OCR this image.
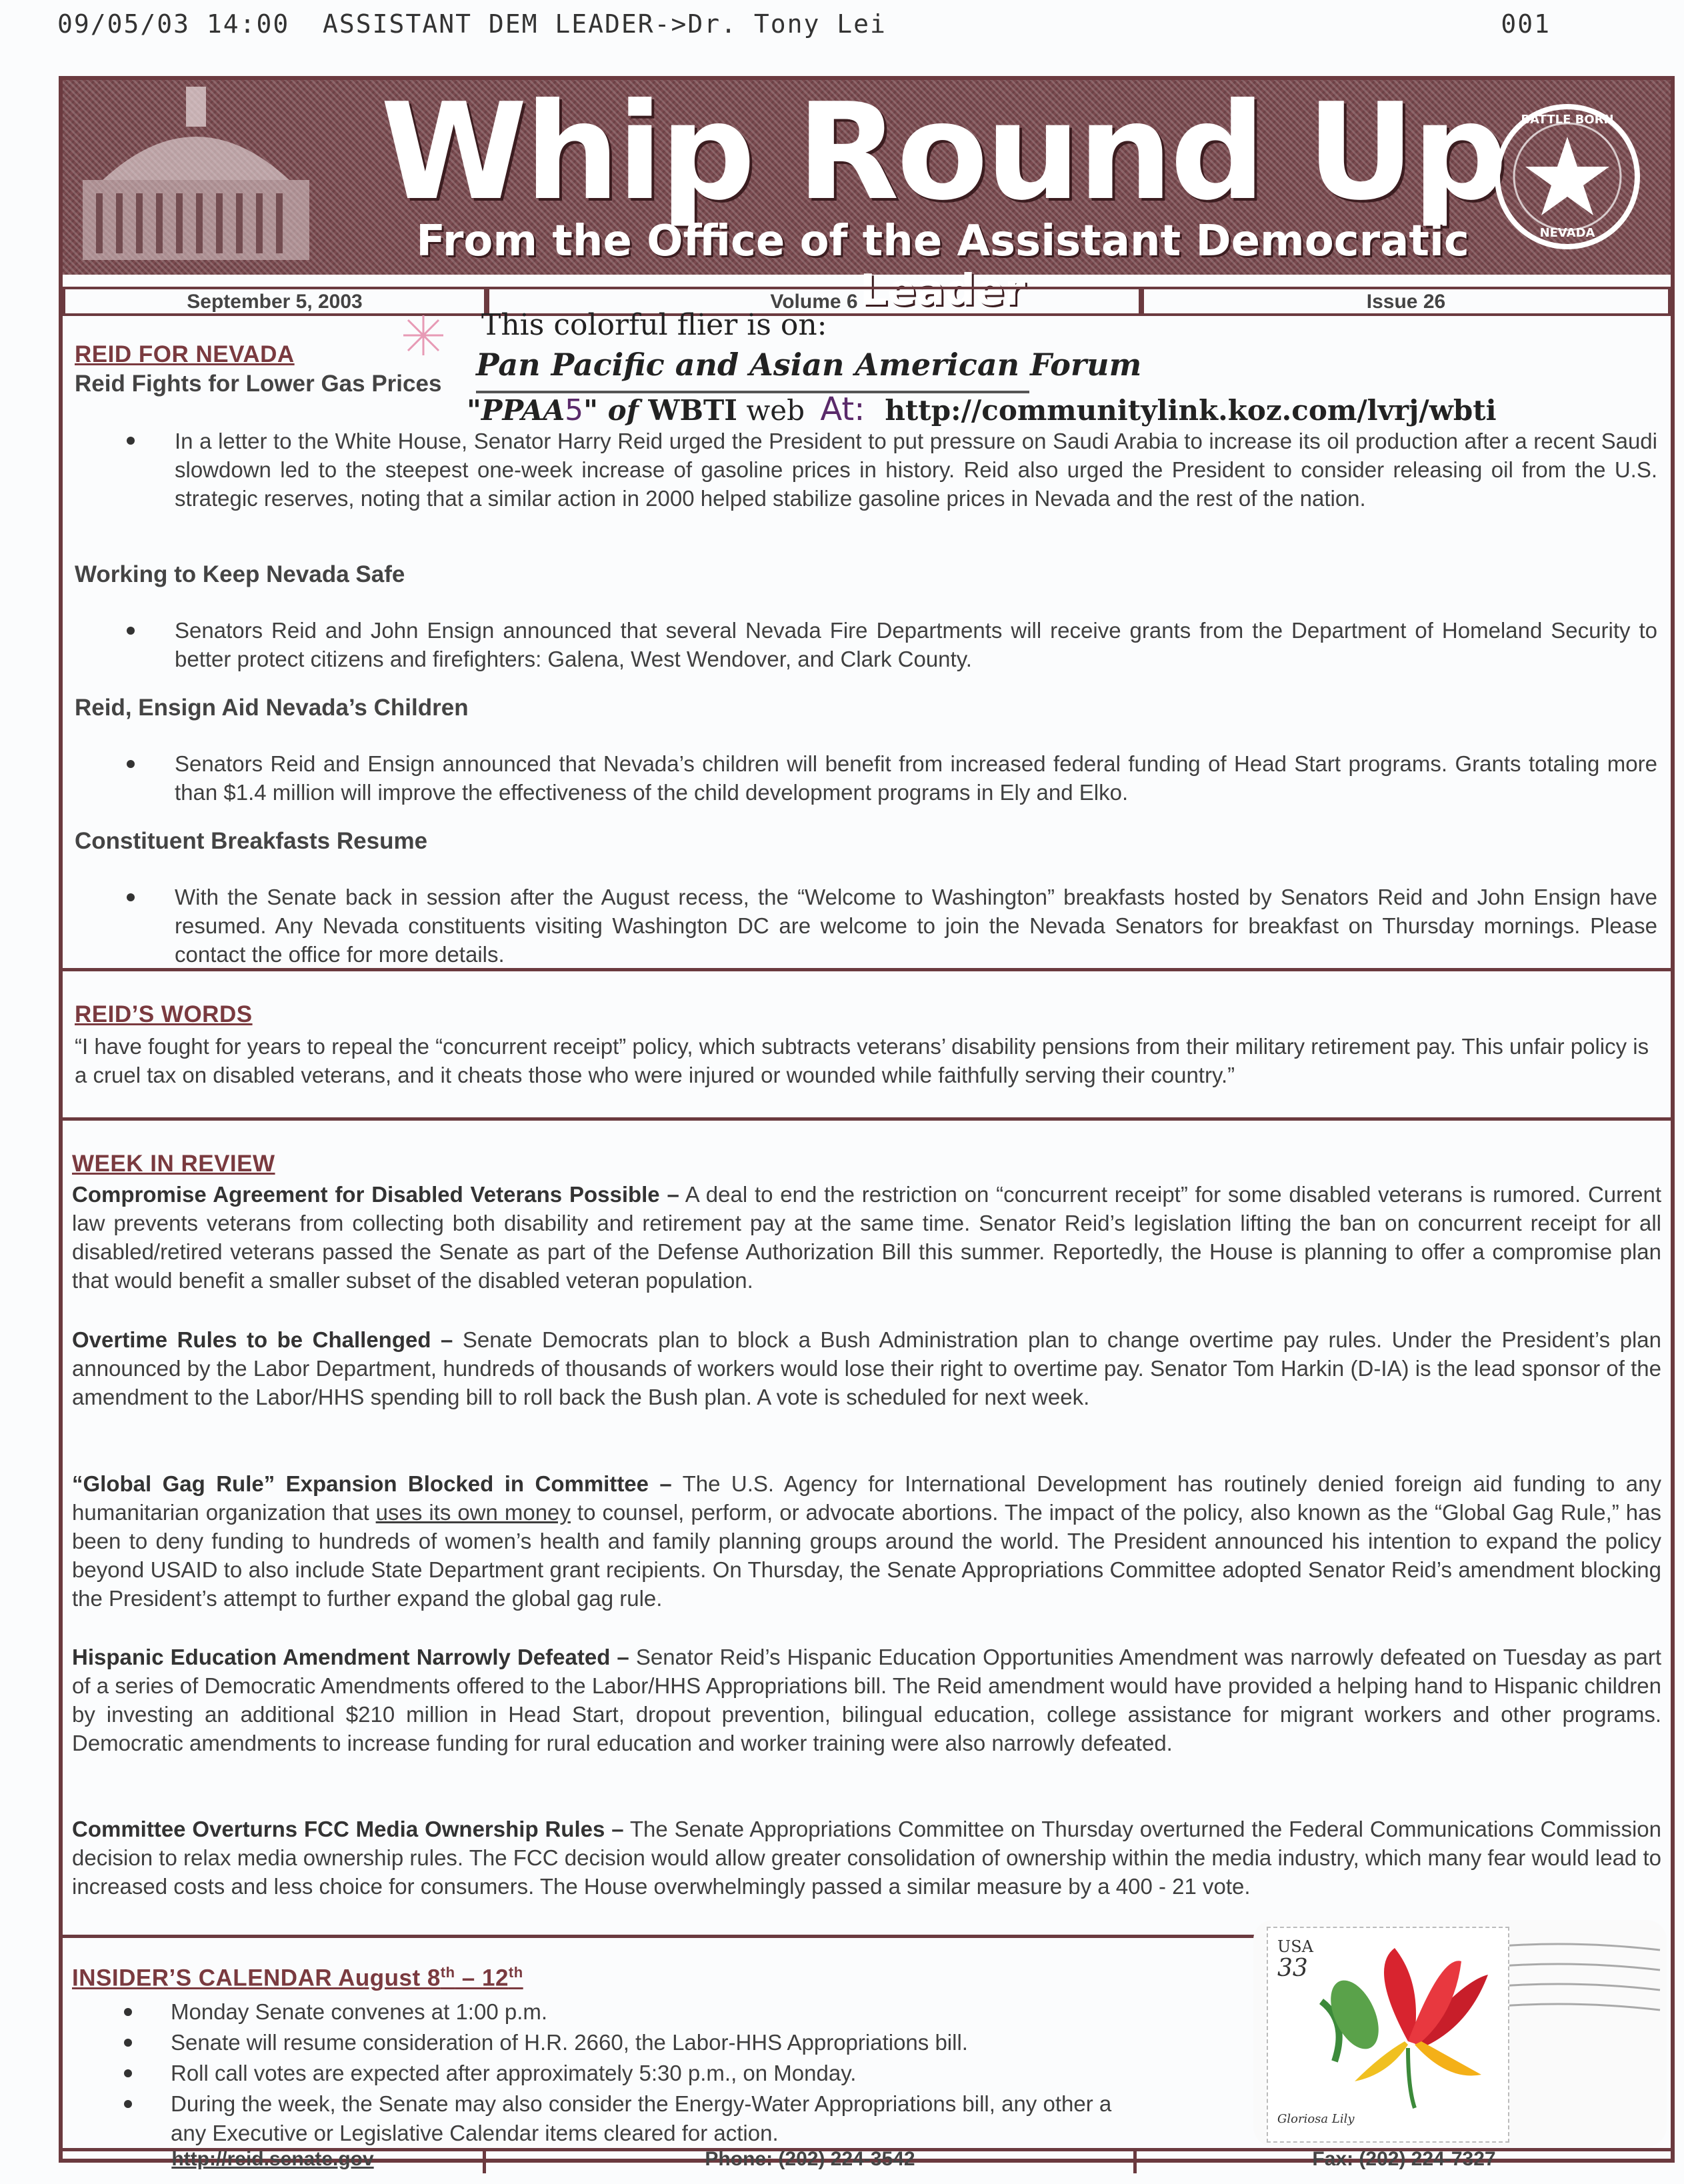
09/05/03 14:00  ASSISTANT DEM LEADER->Dr. Tony Lei	001
Whip Round Up
From the Office of the Assistant Democratic Leader
BATTLE BORN
NEVADA
September 5, 2003	Volume 6	Issue 26
This colorful flier is on:
Pan Pacific and Asian American Forum
"PPAA5" of WBTI web At: http://communitylink.koz.com/lvrj/wbti
REID FOR NEVADA
Reid Fights for Lower Gas Prices
In a letter to the White House, Senator Harry Reid urged the President to put pressure on Saudi Arabia to increase its oil production after a recent Saudi slowdown led to the steepest one-week increase of gasoline prices in history. Reid also urged the President to consider releasing oil from the U.S. strategic reserves, noting that a similar action in 2000 helped stabilize gasoline prices in Nevada and the rest of the nation.
Working to Keep Nevada Safe
Senators Reid and John Ensign announced that several Nevada Fire Departments will receive grants from the Department of Homeland Security to better protect citizens and firefighters: Galena, West Wendover, and Clark County.
Reid, Ensign Aid Nevada’s Children
Senators Reid and Ensign announced that Nevada’s children will benefit from increased federal funding of Head Start programs. Grants totaling more than $1.4 million will improve the effectiveness of the child development programs in Ely and Elko.
Constituent Breakfasts Resume
With the Senate back in session after the August recess, the “Welcome to Washington” breakfasts hosted by Senators Reid and John Ensign have resumed. Any Nevada constituents visiting Washington DC are welcome to join the Nevada Senators for breakfast on Thursday mornings. Please contact the office for more details.
REID’S WORDS
“I have fought for years to repeal the “concurrent receipt” policy, which subtracts veterans’ disability pensions from their military retirement pay. This unfair policy is a cruel tax on disabled veterans, and it cheats those who were injured or wounded while faithfully serving their country.”
WEEK IN REVIEW
Compromise Agreement for Disabled Veterans Possible – A deal to end the restriction on “concurrent receipt” for some disabled veterans is rumored. Current law prevents veterans from collecting both disability and retirement pay at the same time. Senator Reid’s legislation lifting the ban on concurrent receipt for all disabled/retired veterans passed the Senate as part of the Defense Authorization Bill this summer. Reportedly, the House is planning to offer a compromise plan that would benefit a smaller subset of the disabled veteran population.
Overtime Rules to be Challenged – Senate Democrats plan to block a Bush Administration plan to change overtime pay rules. Under the President’s plan announced by the Labor Department, hundreds of thousands of workers would lose their right to overtime pay. Senator Tom Harkin (D-IA) is the lead sponsor of the amendment to the Labor/HHS spending bill to roll back the Bush plan. A vote is scheduled for next week.
“Global Gag Rule” Expansion Blocked in Committee – The U.S. Agency for International Development has routinely denied foreign aid funding to any humanitarian organization that uses its own money to counsel, perform, or advocate abortions. The impact of the policy, also known as the “Global Gag Rule,” has been to deny funding to hundreds of women’s health and family planning groups around the world. The President announced his intention to expand the policy beyond USAID to also include State Department grant recipients. On Thursday, the Senate Appropriations Committee adopted Senator Reid’s amendment blocking the President’s attempt to further expand the global gag rule.
Hispanic Education Amendment Narrowly Defeated – Senator Reid’s Hispanic Education Opportunities Amendment was narrowly defeated on Tuesday as part of a series of Democratic Amendments offered to the Labor/HHS Appropriations bill. The Reid amendment would have provided a helping hand to Hispanic children by investing an additional $210 million in Head Start, dropout prevention, bilingual education, college assistance for migrant workers and other programs. Democratic amendments to increase funding for rural education and worker training were also narrowly defeated.
Committee Overturns FCC Media Ownership Rules – The Senate Appropriations Committee on Thursday overturned the Federal Communications Commission decision to relax media ownership rules. The FCC decision would allow greater consolidation of ownership within the media industry, which many fear would lead to increased costs and less choice for consumers. The House overwhelmingly passed a similar measure by a 400 - 21 vote.
INSIDER’S CALENDAR August 8th – 12th
Monday Senate convenes at 1:00 p.m.
Senate will resume consideration of H.R. 2660, the Labor-HHS Appropriations bill.
Roll call votes are expected after approximately 5:30 p.m., on Monday.
During the week, the Senate may also consider the Energy-Water Appropriations bill, any other a
any Executive or Legislative Calendar items cleared for action.
USA
33
Gloriosa Lily
http://reid.senate.gov	Phone: (202) 224-3542	Fax: (202) 224-7327
